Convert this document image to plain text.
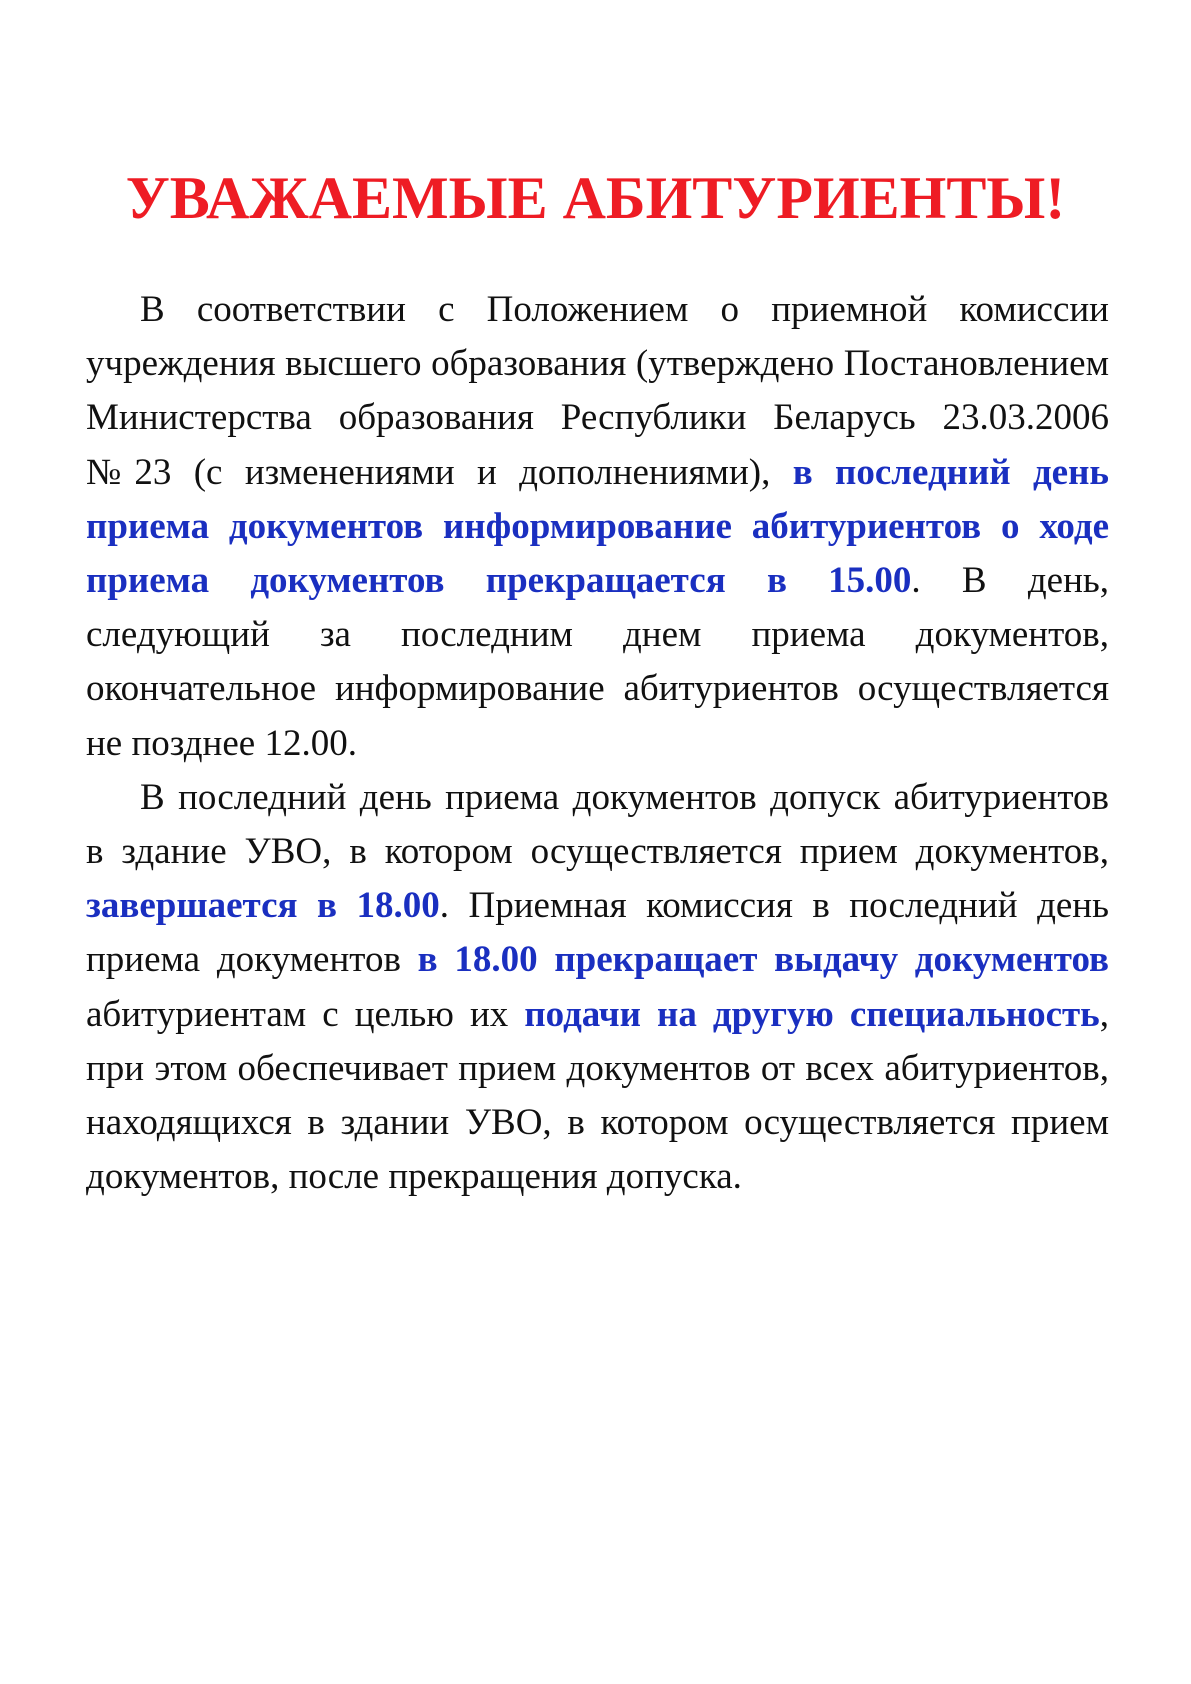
УВАЖАЕМЫЕ АБИТУРИЕНТЫ!

В соответствии с Положением о приемной комиссии учреждения высшего образования (утверждено Постановлением Министерства образования Республики Беларусь 23.03.2006 №23 (с изменениями и дополнениями), в последний день приема документов информирование абитуриентов о ходе приема документов прекращается в 15.00. В день, следующий за последним днем приема документов, окончательное информирование абитуриентов осуществляется не позднее 12.00.

В последний день приема документов допуск абитуриентов в здание УВО, в котором осуществляется прием документов, завершается в 18.00. Приемная комиссия в последний день приема документов в 18.00 прекращает выдачу документов абитуриентам с целью их подачи на другую специальность, при этом обеспечивает прием документов от всех абитуриентов, находящихся в здании УВО, в котором осуществляется прием документов, после прекращения допуска.
